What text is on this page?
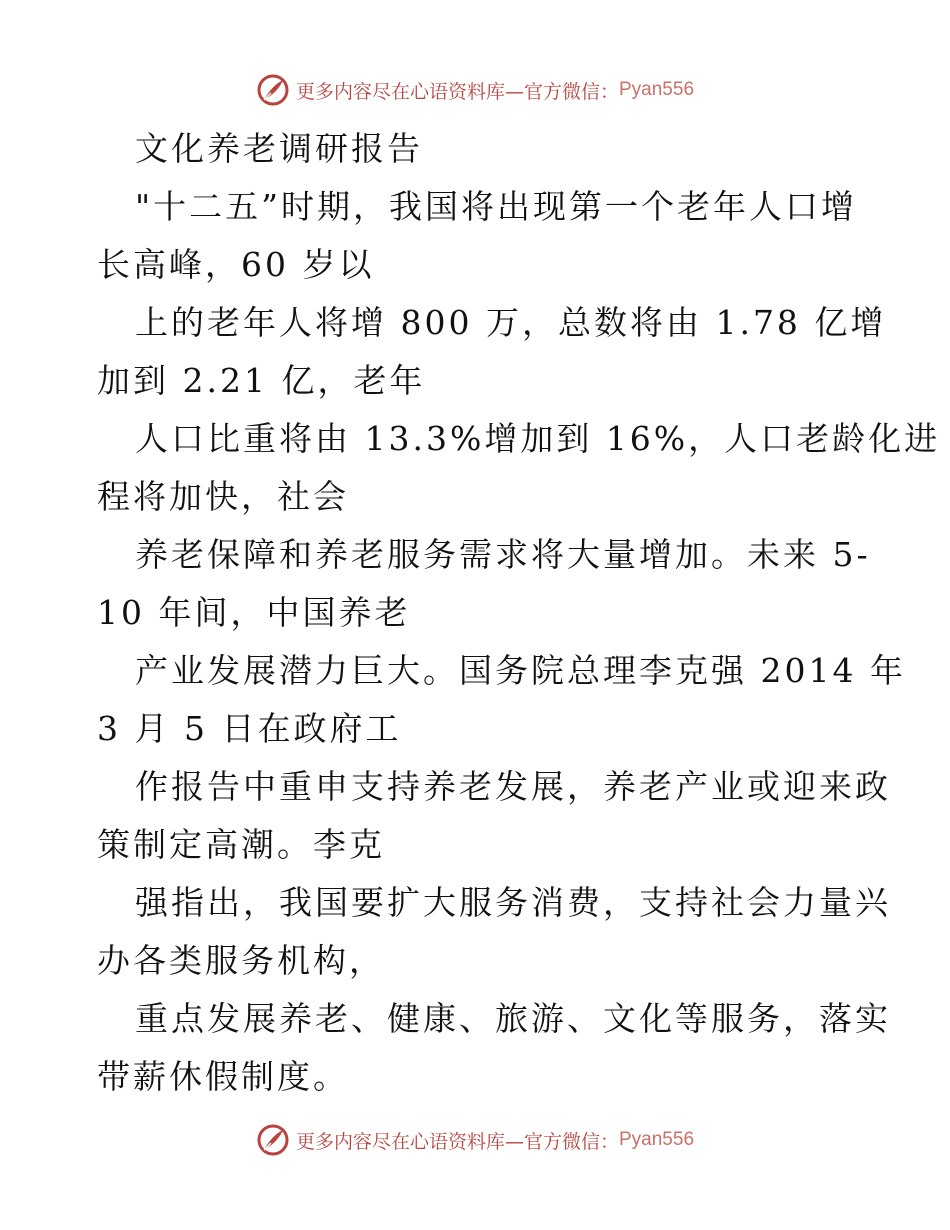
更多内容尽在心语资料库—官方微信： Pyan556
文化养老调研报告
"十二五”时期，我国将出现第一个老年人口增
长高峰，60 岁以
上的老年人将增 800 万，总数将由 1.78 亿增
加到 2.21 亿，老年
人口比重将由 13.3%增加到 16%，人口老龄化进
程将加快，社会
养老保障和养老服务需求将大量增加。未来 5-
10 年间，中国养老
产业发展潜力巨大。国务院总理李克强 2014 年
3 月 5 日在政府工
作报告中重申支持养老发展，养老产业或迎来政
策制定高潮。李克
强指出，我国要扩大服务消费，支持社会力量兴
办各类服务机构，
重点发展养老、健康、旅游、文化等服务，落实
带薪休假制度。
更多内容尽在心语资料库—官方微信： Pyan556
